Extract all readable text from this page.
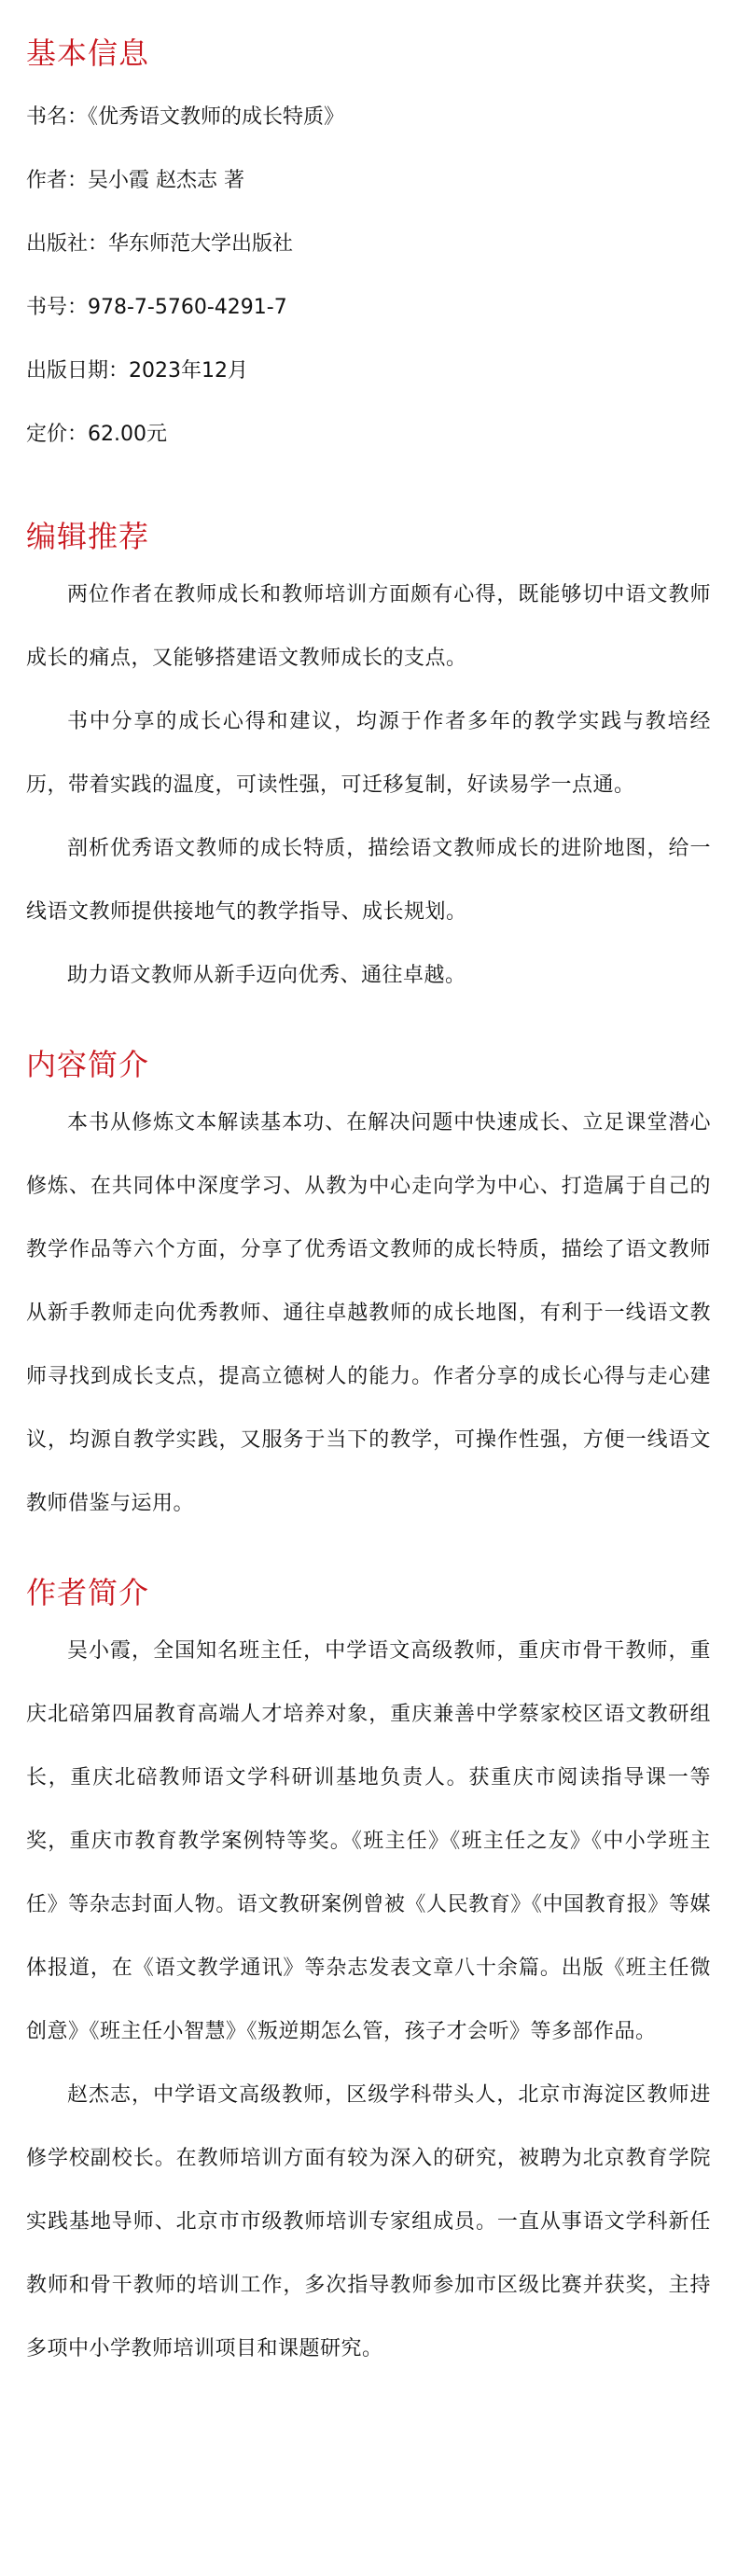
基本信息

书名：《优秀语文教师的成长特质》

作者：吴小霞 赵杰志 著

出版社：华东师范大学出版社

书号：978-7-5760-4291-7

出版日期：2023年12月

定价：62.00元

编辑推荐

两位作者在教师成长和教师培训方面颇有心得，既能够切中语文教师成长的痛点，又能够搭建语文教师成长的支点。

书中分享的成长心得和建议，均源于作者多年的教学实践与教培经历，带着实践的温度，可读性强，可迁移复制，好读易学一点通。

剖析优秀语文教师的成长特质，描绘语文教师成长的进阶地图，给一线语文教师提供接地气的教学指导、成长规划。

助力语文教师从新手迈向优秀、通往卓越。

内容简介

本书从修炼文本解读基本功、在解决问题中快速成长、立足课堂潜心修炼、在共同体中深度学习、从教为中心走向学为中心、打造属于自己的教学作品等六个方面，分享了优秀语文教师的成长特质，描绘了语文教师从新手教师走向优秀教师、通往卓越教师的成长地图，有利于一线语文教师寻找到成长支点，提高立德树人的能力。作者分享的成长心得与走心建议，均源自教学实践，又服务于当下的教学，可操作性强，方便一线语文教师借鉴与运用。

作者简介

吴小霞，全国知名班主任，中学语文高级教师，重庆市骨干教师，重庆北碚第四届教育高端人才培养对象，重庆兼善中学蔡家校区语文教研组长，重庆北碚教师语文学科研训基地负责人。获重庆市阅读指导课一等奖，重庆市教育教学案例特等奖。《班主任》《班主任之友》《中小学班主任》等杂志封面人物。语文教研案例曾被《人民教育》《中国教育报》等媒体报道，在《语文教学通讯》等杂志发表文章八十余篇。出版《班主任微创意》《班主任小智慧》《叛逆期怎么管，孩子才会听》等多部作品。

赵杰志，中学语文高级教师，区级学科带头人，北京市海淀区教师进修学校副校长。在教师培训方面有较为深入的研究，被聘为北京教育学院实践基地导师、北京市市级教师培训专家组成员。一直从事语文学科新任教师和骨干教师的培训工作，多次指导教师参加市区级比赛并获奖，主持多项中小学教师培训项目和课题研究。
